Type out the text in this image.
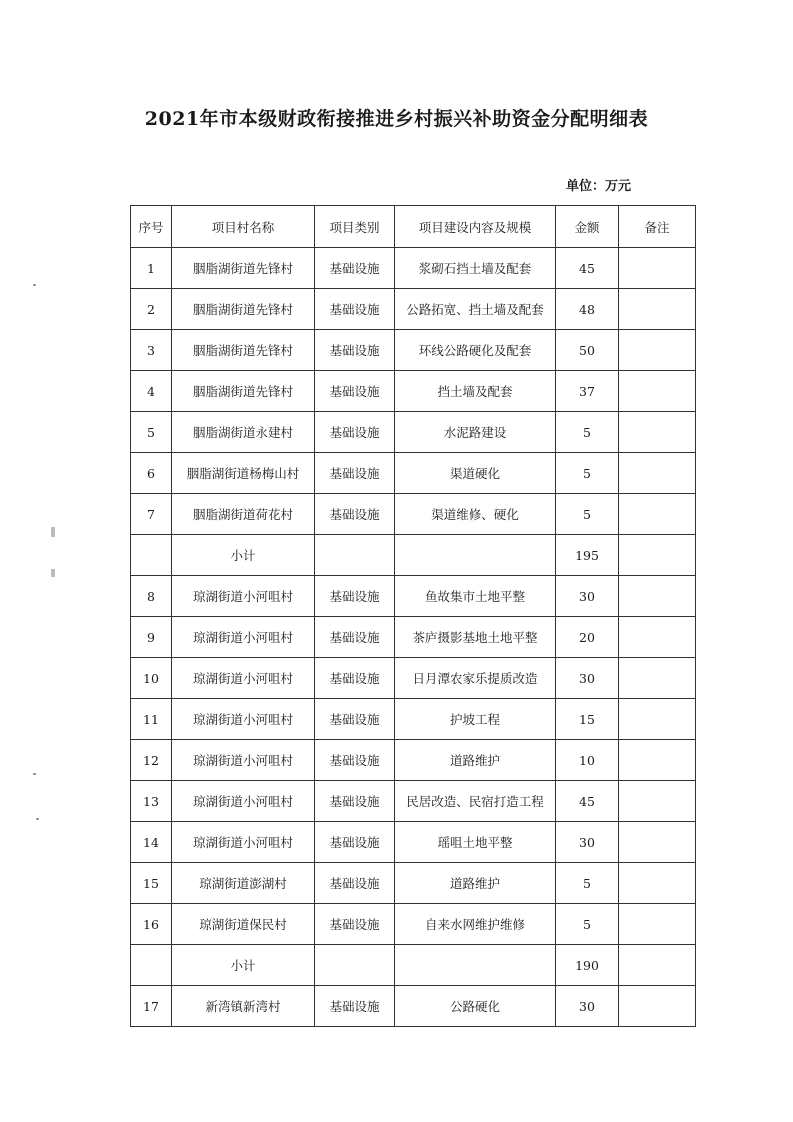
2021年市本级财政衔接推进乡村振兴补助资金分配明细表
单位：万元
序号	项目村名称	项目类别	项目建设内容及规模	金额	备注
1	胭脂湖街道先锋村	基础设施	浆砌石挡土墙及配套	45	
2	胭脂湖街道先锋村	基础设施	公路拓宽、挡土墙及配套	48	
3	胭脂湖街道先锋村	基础设施	环线公路硬化及配套	50	
4	胭脂湖街道先锋村	基础设施	挡土墙及配套	37	
5	胭脂湖街道永建村	基础设施	水泥路建设	5	
6	胭脂湖街道杨梅山村	基础设施	渠道硬化	5	
7	胭脂湖街道荷花村	基础设施	渠道维修、硬化	5	
	小计			195	
8	琼湖街道小河咀村	基础设施	鱼故集市土地平整	30	
9	琼湖街道小河咀村	基础设施	茶庐摄影基地土地平整	20	
10	琼湖街道小河咀村	基础设施	日月潭农家乐提质改造	30	
11	琼湖街道小河咀村	基础设施	护坡工程	15	
12	琼湖街道小河咀村	基础设施	道路维护	10	
13	琼湖街道小河咀村	基础设施	民居改造、民宿打造工程	45	
14	琼湖街道小河咀村	基础设施	瑶咀土地平整	30	
15	琼湖街道澎湖村	基础设施	道路维护	5	
16	琼湖街道保民村	基础设施	自来水网维护维修	5	
	小计			190	
17	新湾镇新湾村	基础设施	公路硬化	30	
